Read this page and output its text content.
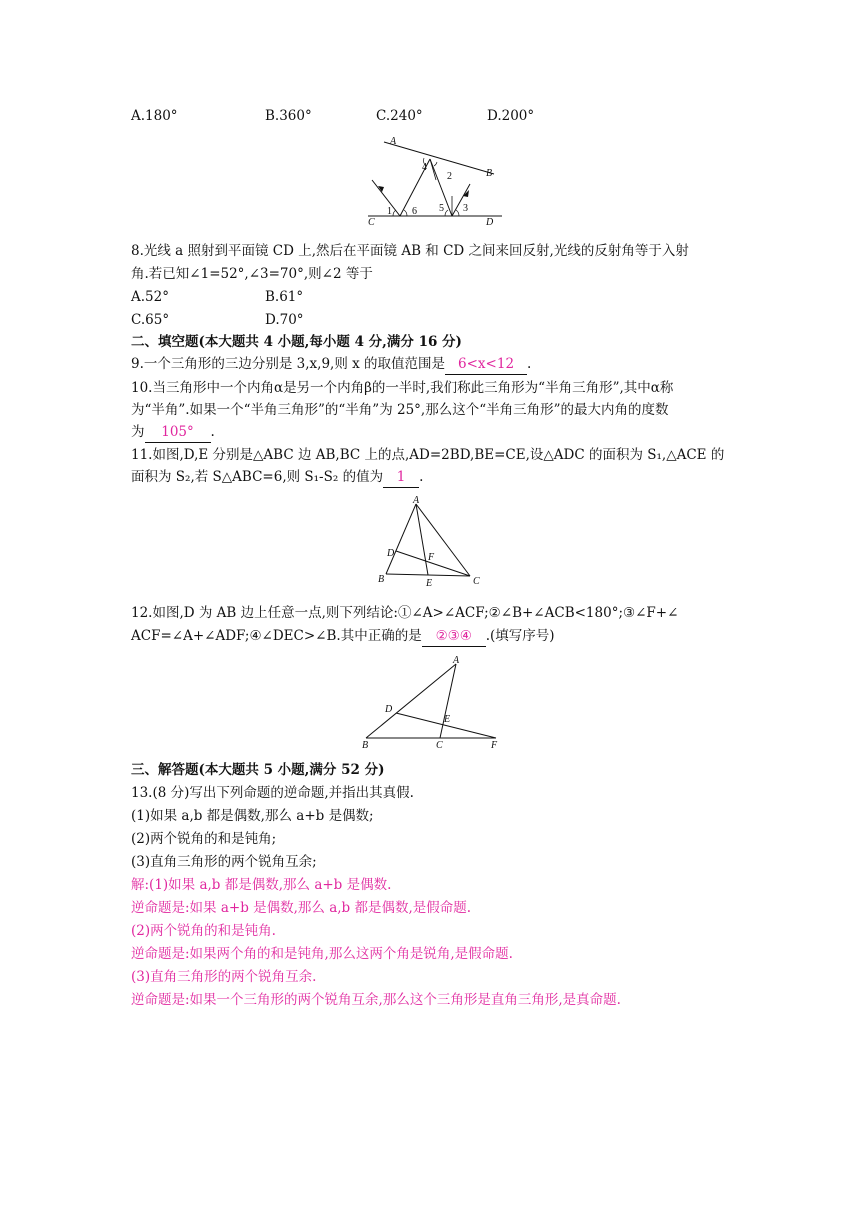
A.180°	B.360°	C.240°	D.200°
A
B
C	D
1
2
3
4
5
6
8.光线 a 照射到平面镜 CD 上,然后在平面镜 AB 和 CD 之间来回反射,光线的反射角等于入射
角.若已知∠1=52°,∠3=70°,则∠2 等于
A.52°	B.61°
C.65°	D.70°
二、填空题(本大题共 4 小题,每小题 4 分,满分 16 分)
9.一个三角形的三边分别是 3,x,9,则 x 的取值范围是 6<x<12 .
10.当三角形中一个内角α是另一个内角β的一半时,我们称此三角形为“半角三角形”,其中α称
为“半角”.如果一个“半角三角形”的“半角”为 25°,那么这个“半角三角形”的最大内角的度数
为 105° .
11.如图,D,E 分别是△ABC 边 AB,BC 上的点,AD=2BD,BE=CE,设△ADC 的面积为 S₁,△ACE 的
面积为 S₂,若 S△ABC=6,则 S₁-S₂ 的值为 1 .
A
B	C
D
E
F
12.如图,D 为 AB 边上任意一点,则下列结论:①∠A>∠ACF;②∠B+∠ACB<180°;③∠F+∠
ACF=∠A+∠ADF;④∠DEC>∠B.其中正确的是 ②③④ .(填写序号)
A
B	C
D
E
F
三、解答题(本大题共 5 小题,满分 52 分)
13.(8 分)写出下列命题的逆命题,并指出其真假.
(1)如果 a,b 都是偶数,那么 a+b 是偶数;
(2)两个锐角的和是钝角;
(3)直角三角形的两个锐角互余;
解:(1)如果 a,b 都是偶数,那么 a+b 是偶数.
逆命题是:如果 a+b 是偶数,那么 a,b 都是偶数,是假命题.
(2)两个锐角的和是钝角.
逆命题是:如果两个角的和是钝角,那么这两个角是锐角,是假命题.
(3)直角三角形的两个锐角互余.
逆命题是:如果一个三角形的两个锐角互余,那么这个三角形是直角三角形,是真命题.
